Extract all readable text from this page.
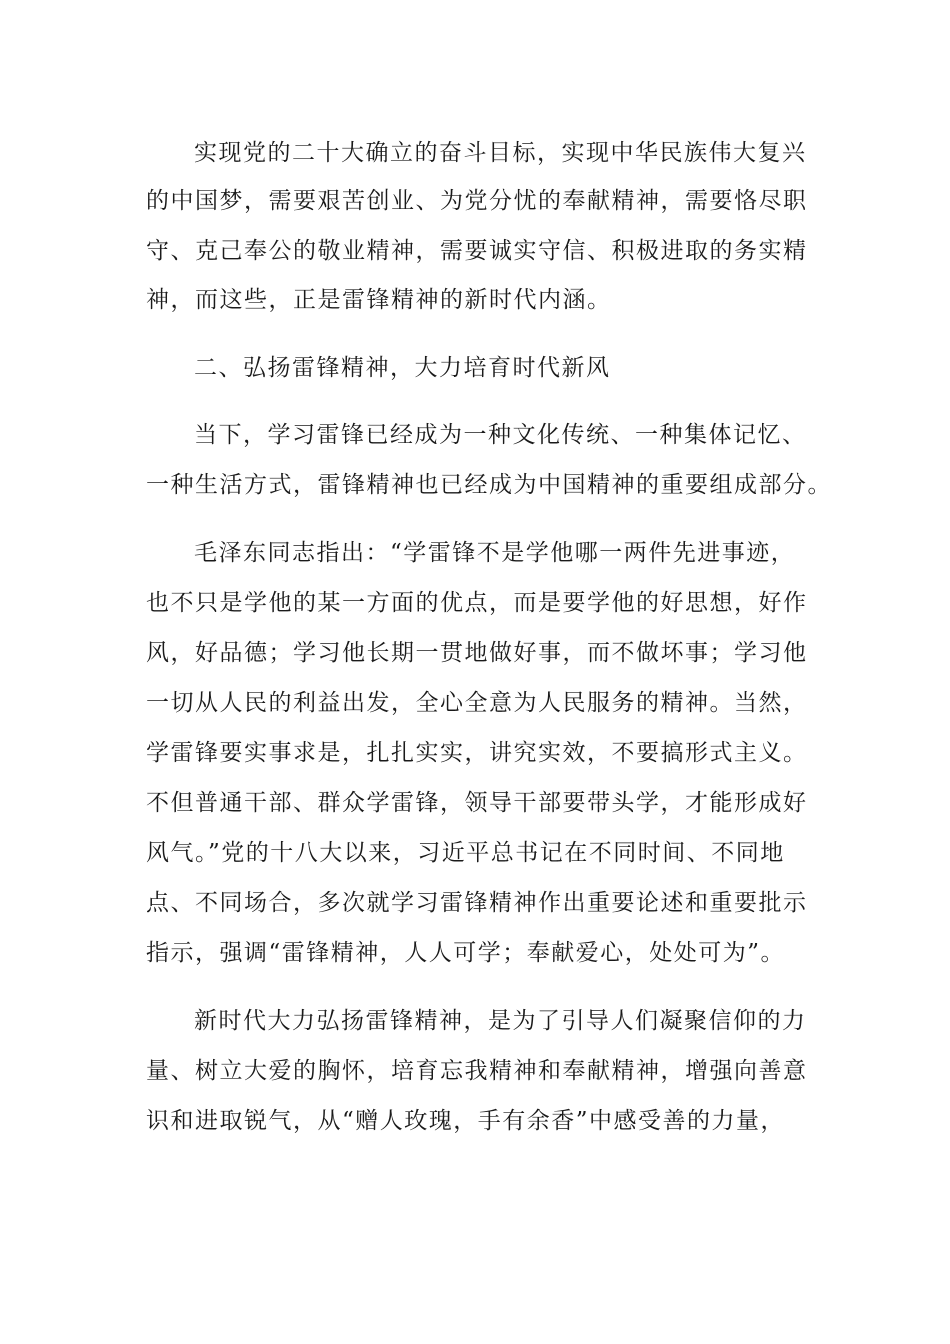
实现党的二十大确立的奋斗目标，实现中华民族伟大复兴
的中国梦，需要艰苦创业、为党分忧的奉献精神，需要恪尽职
守、克己奉公的敬业精神，需要诚实守信、积极进取的务实精
神，而这些，正是雷锋精神的新时代内涵。
二、弘扬雷锋精神，大力培育时代新风
当下，学习雷锋已经成为一种文化传统、一种集体记忆、
一种生活方式，雷锋精神也已经成为中国精神的重要组成部分。
毛泽东同志指出：“学雷锋不是学他哪一两件先进事迹，
也不只是学他的某一方面的优点，而是要学他的好思想，好作
风，好品德；学习他长期一贯地做好事，而不做坏事；学习他
一切从人民的利益出发，全心全意为人民服务的精神。当然，
学雷锋要实事求是，扎扎实实，讲究实效，不要搞形式主义。
不但普通干部、群众学雷锋，领导干部要带头学，才能形成好
风气。”党的十八大以来，习近平总书记在不同时间、不同地
点、不同场合，多次就学习雷锋精神作出重要论述和重要批示
指示，强调“雷锋精神，人人可学；奉献爱心，处处可为”。
新时代大力弘扬雷锋精神，是为了引导人们凝聚信仰的力
量、树立大爱的胸怀，培育忘我精神和奉献精神，增强向善意
识和进取锐气，从“赠人玫瑰，手有余香”中感受善的力量，
